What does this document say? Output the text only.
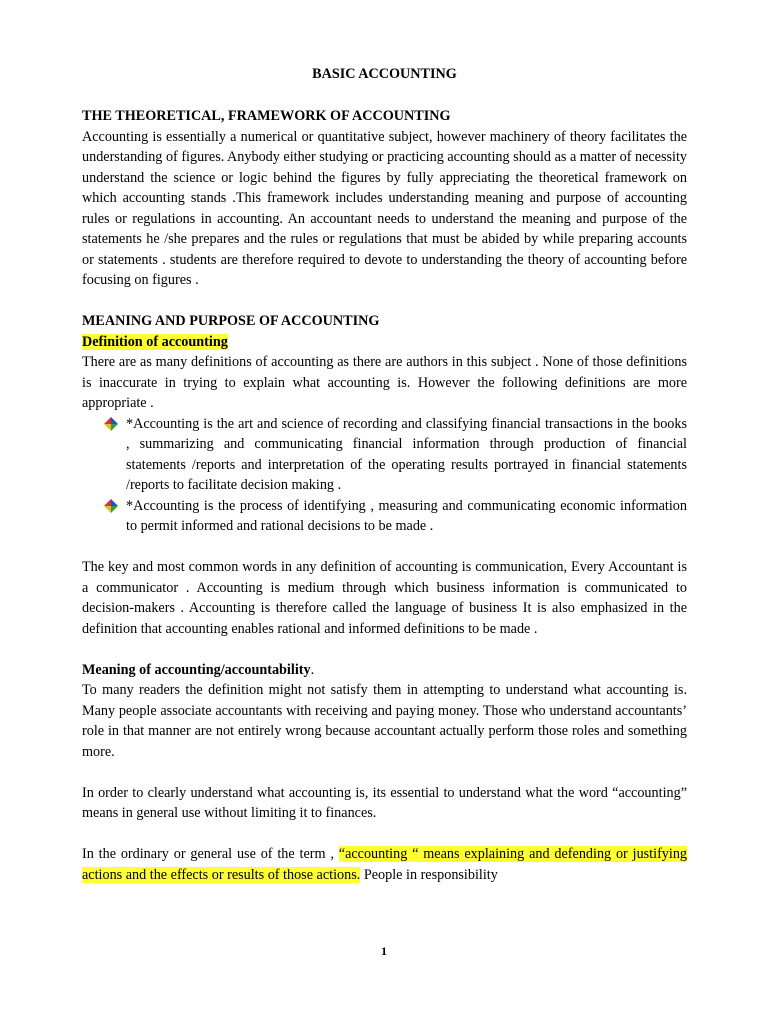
BASIC ACCOUNTING
THE THEORETICAL, FRAMEWORK OF ACCOUNTING

Accounting is essentially a numerical or quantitative subject, however machinery of theory facilitates the understanding of figures. Anybody either studying or practicing accounting should as a matter of necessity understand the science or logic behind the figures by fully appreciating the theoretical framework on which accounting stands .This framework includes understanding meaning and purpose of accounting rules or regulations in accounting. An accountant needs to understand the meaning and purpose of the statements he /she prepares and the rules or regulations that must be abided by while preparing accounts or statements . students are therefore required to devote to understanding the theory of accounting before focusing on figures .

MEANING AND PURPOSE OF ACCOUNTING
Definition of accounting

There are as many definitions of accounting as there are authors in this subject . None of those definitions is inaccurate in trying to explain what accounting is. However the following definitions are more appropriate .

*Accounting is the art and science of recording and classifying financial transactions in the books , summarizing and communicating financial information through production of financial statements /reports and interpretation of the operating results portrayed in financial statements /reports to facilitate decision making .
*Accounting is the process of identifying , measuring and communicating economic information to permit informed and rational decisions to be made .

The key and most common words in any definition of accounting is communication, Every Accountant is a communicator . Accounting is medium through which business information is communicated to decision-makers . Accounting is therefore called the language of business It is also emphasized in the definition that accounting enables rational and informed definitions to be made .

Meaning of accounting/accountability.

To many readers the definition might not satisfy them in attempting to understand what accounting is. Many people associate accountants with receiving and paying money. Those who understand accountants’ role in that manner are not entirely wrong because accountant actually perform those roles and something more.

In order to clearly understand what accounting is, its essential to understand what the word “accounting” means in general use without limiting it to finances.

In the ordinary or general use of the term , “accounting “ means explaining and defending or justifying actions and the effects or results of those actions. People in responsibility

1
